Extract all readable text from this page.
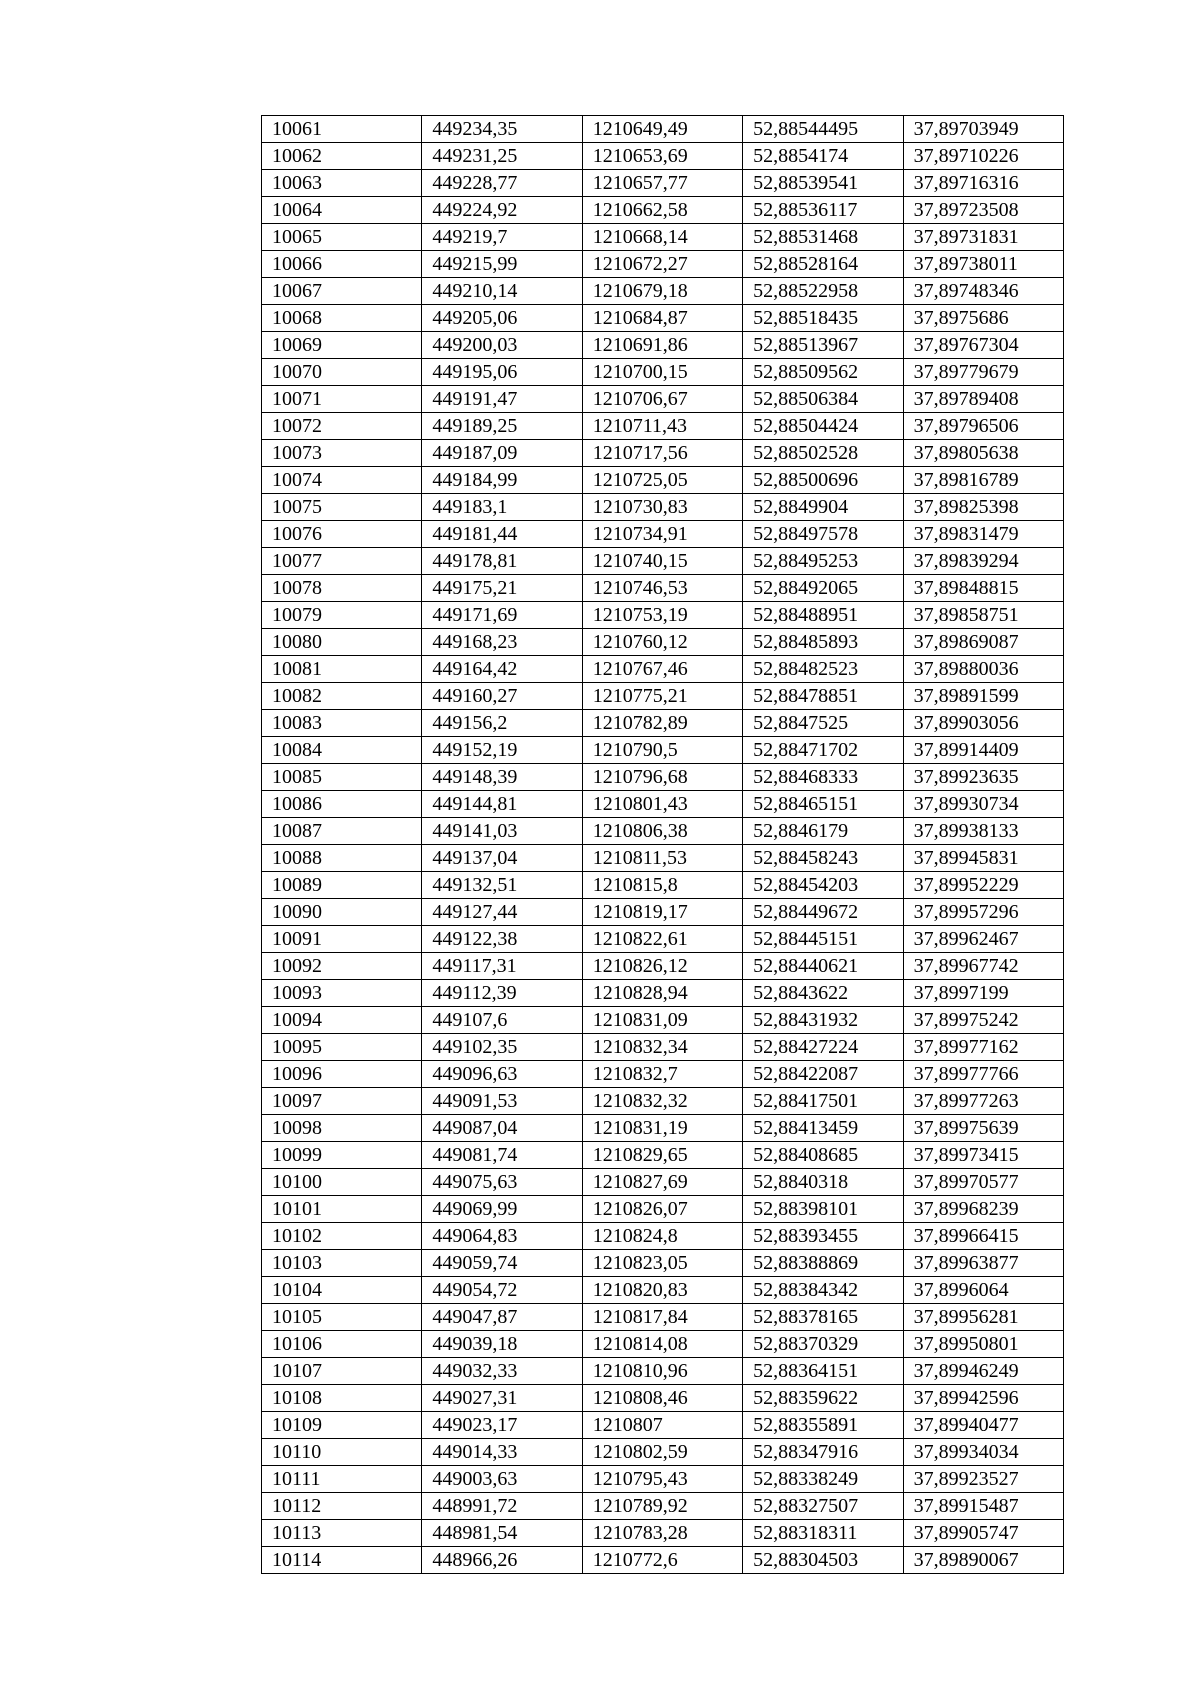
10061	449234,35	1210649,49	52,88544495	37,89703949
10062	449231,25	1210653,69	52,8854174	37,89710226
10063	449228,77	1210657,77	52,88539541	37,89716316
10064	449224,92	1210662,58	52,88536117	37,89723508
10065	449219,7	1210668,14	52,88531468	37,89731831
10066	449215,99	1210672,27	52,88528164	37,89738011
10067	449210,14	1210679,18	52,88522958	37,89748346
10068	449205,06	1210684,87	52,88518435	37,8975686
10069	449200,03	1210691,86	52,88513967	37,89767304
10070	449195,06	1210700,15	52,88509562	37,89779679
10071	449191,47	1210706,67	52,88506384	37,89789408
10072	449189,25	1210711,43	52,88504424	37,89796506
10073	449187,09	1210717,56	52,88502528	37,89805638
10074	449184,99	1210725,05	52,88500696	37,89816789
10075	449183,1	1210730,83	52,8849904	37,89825398
10076	449181,44	1210734,91	52,88497578	37,89831479
10077	449178,81	1210740,15	52,88495253	37,89839294
10078	449175,21	1210746,53	52,88492065	37,89848815
10079	449171,69	1210753,19	52,88488951	37,89858751
10080	449168,23	1210760,12	52,88485893	37,89869087
10081	449164,42	1210767,46	52,88482523	37,89880036
10082	449160,27	1210775,21	52,88478851	37,89891599
10083	449156,2	1210782,89	52,8847525	37,89903056
10084	449152,19	1210790,5	52,88471702	37,89914409
10085	449148,39	1210796,68	52,88468333	37,89923635
10086	449144,81	1210801,43	52,88465151	37,89930734
10087	449141,03	1210806,38	52,8846179	37,89938133
10088	449137,04	1210811,53	52,88458243	37,89945831
10089	449132,51	1210815,8	52,88454203	37,89952229
10090	449127,44	1210819,17	52,88449672	37,89957296
10091	449122,38	1210822,61	52,88445151	37,89962467
10092	449117,31	1210826,12	52,88440621	37,89967742
10093	449112,39	1210828,94	52,8843622	37,8997199
10094	449107,6	1210831,09	52,88431932	37,89975242
10095	449102,35	1210832,34	52,88427224	37,89977162
10096	449096,63	1210832,7	52,88422087	37,89977766
10097	449091,53	1210832,32	52,88417501	37,89977263
10098	449087,04	1210831,19	52,88413459	37,89975639
10099	449081,74	1210829,65	52,88408685	37,89973415
10100	449075,63	1210827,69	52,8840318	37,89970577
10101	449069,99	1210826,07	52,88398101	37,89968239
10102	449064,83	1210824,8	52,88393455	37,89966415
10103	449059,74	1210823,05	52,88388869	37,89963877
10104	449054,72	1210820,83	52,88384342	37,8996064
10105	449047,87	1210817,84	52,88378165	37,89956281
10106	449039,18	1210814,08	52,88370329	37,89950801
10107	449032,33	1210810,96	52,88364151	37,89946249
10108	449027,31	1210808,46	52,88359622	37,89942596
10109	449023,17	1210807	52,88355891	37,89940477
10110	449014,33	1210802,59	52,88347916	37,89934034
10111	449003,63	1210795,43	52,88338249	37,89923527
10112	448991,72	1210789,92	52,88327507	37,89915487
10113	448981,54	1210783,28	52,88318311	37,89905747
10114	448966,26	1210772,6	52,88304503	37,89890067
